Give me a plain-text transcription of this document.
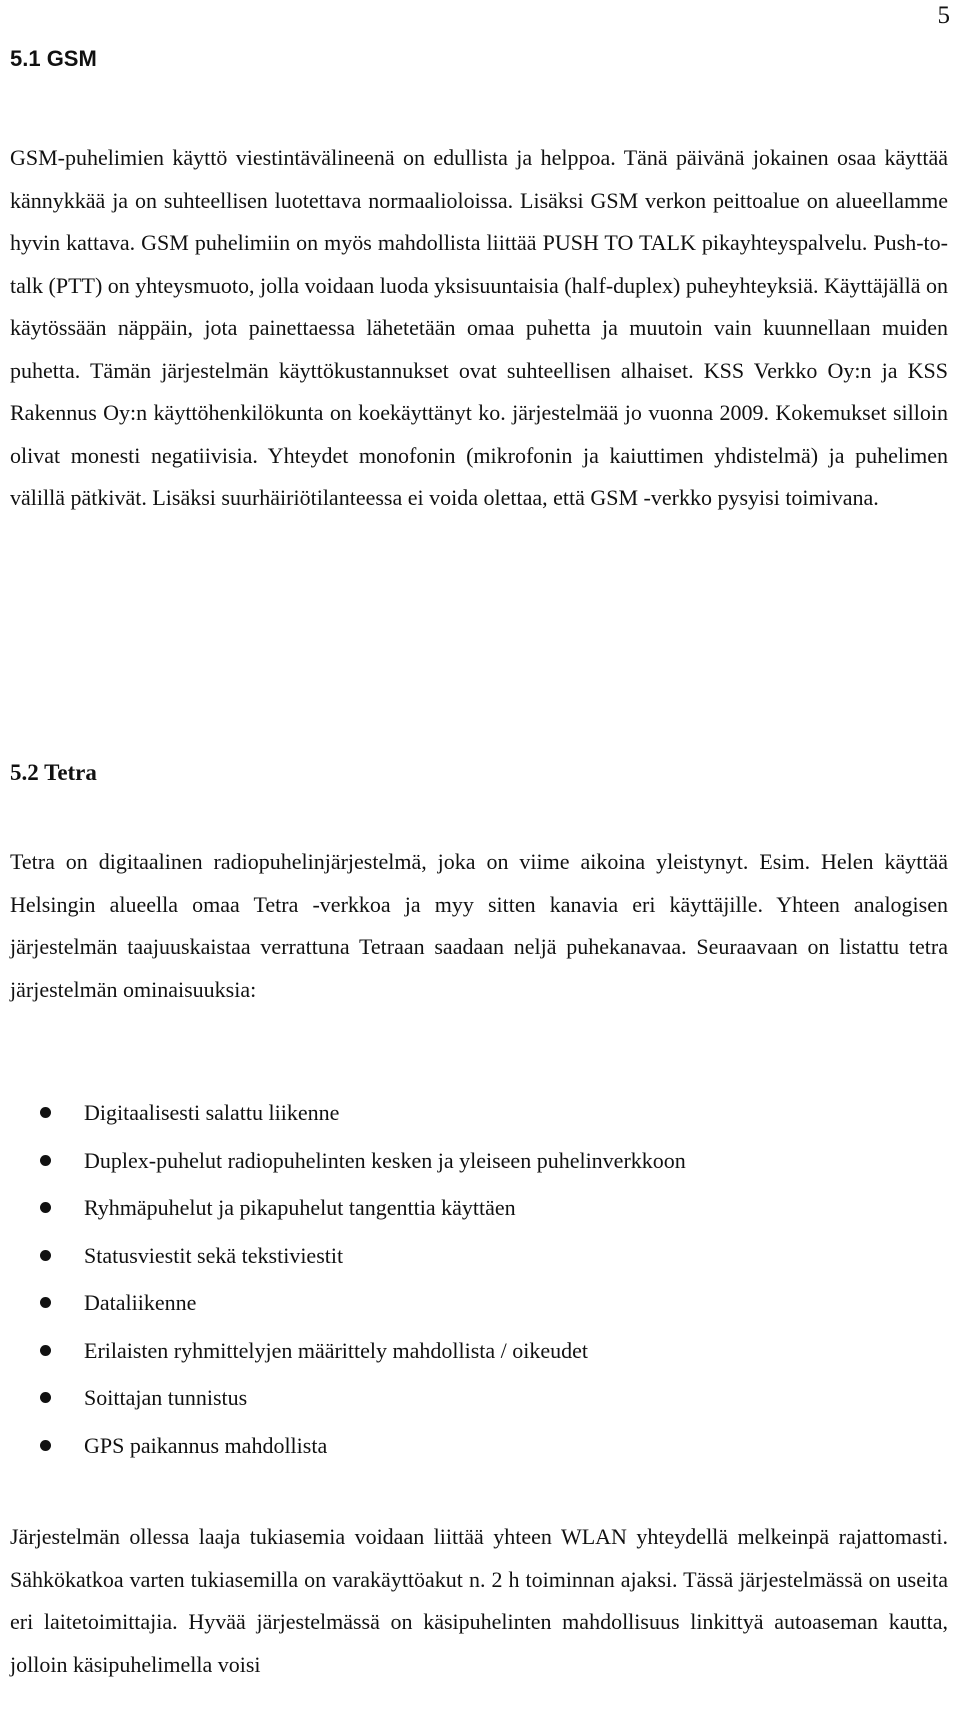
5
5.1 GSM

GSM-puhelimien käyttö viestintävälineenä on edullista ja helppoa. Tänä päivänä jokainen osaa käyttää kännykkää ja on suhteellisen luotettava normaalioloissa. Lisäksi GSM verkon peittoalue on alueellamme hyvin kattava. GSM puhelimiin on myös mahdollista liittää PUSH TO TALK pikayhteyspalvelu. Push-to-talk (PTT) on yhteysmuoto, jolla voidaan luoda yksisuuntaisia (half-duplex) puheyhteyksiä. Käyttäjällä on käytössään näppäin, jota painettaessa lähetetään omaa puhetta ja muutoin vain kuunnellaan muiden puhetta. Tämän järjestelmän käyttökustannukset ovat suhteellisen alhaiset. KSS Verkko Oy:n ja KSS Rakennus Oy:n käyttöhenkilökunta on koekäyttänyt ko. järjestelmää jo vuonna 2009. Kokemukset silloin olivat monesti negatiivisia. Yhteydet monofonin (mikrofonin ja kaiuttimen yhdistelmä) ja puhelimen välillä pätkivät. Lisäksi suurhäiriötilanteessa ei voida olettaa, että GSM -verkko pysyisi toimivana.

5.2 Tetra

Tetra on digitaalinen radiopuhelinjärjestelmä, joka on viime aikoina yleistynyt. Esim. Helen käyttää Helsingin alueella omaa Tetra -verkkoa ja myy sitten kanavia eri käyttäjille. Yhteen analogisen järjestelmän taajuuskaistaa verrattuna Tetraan saadaan neljä puhekanavaa. Seuraavaan on listattu tetra järjestelmän ominaisuuksia:

Digitaalisesti salattu liikenne
Duplex-puhelut radiopuhelinten kesken ja yleiseen puhelinverkkoon
Ryhmäpuhelut ja pikapuhelut tangenttia käyttäen
Statusviestit sekä tekstiviestit
Dataliikenne
Erilaisten ryhmittelyjen määrittely mahdollista / oikeudet
Soittajan tunnistus
GPS paikannus mahdollista

Järjestelmän ollessa laaja tukiasemia voidaan liittää yhteen WLAN yhteydellä melkeinpä rajattomasti. Sähkökatkoa varten tukiasemilla on varakäyttöakut n. 2 h toiminnan ajaksi. Tässä järjestelmässä on useita eri laitetoimittajia. Hyvää järjestelmässä on käsipuhelinten mahdollisuus linkittyä autoaseman kautta, jolloin käsipuhelimella voisi
